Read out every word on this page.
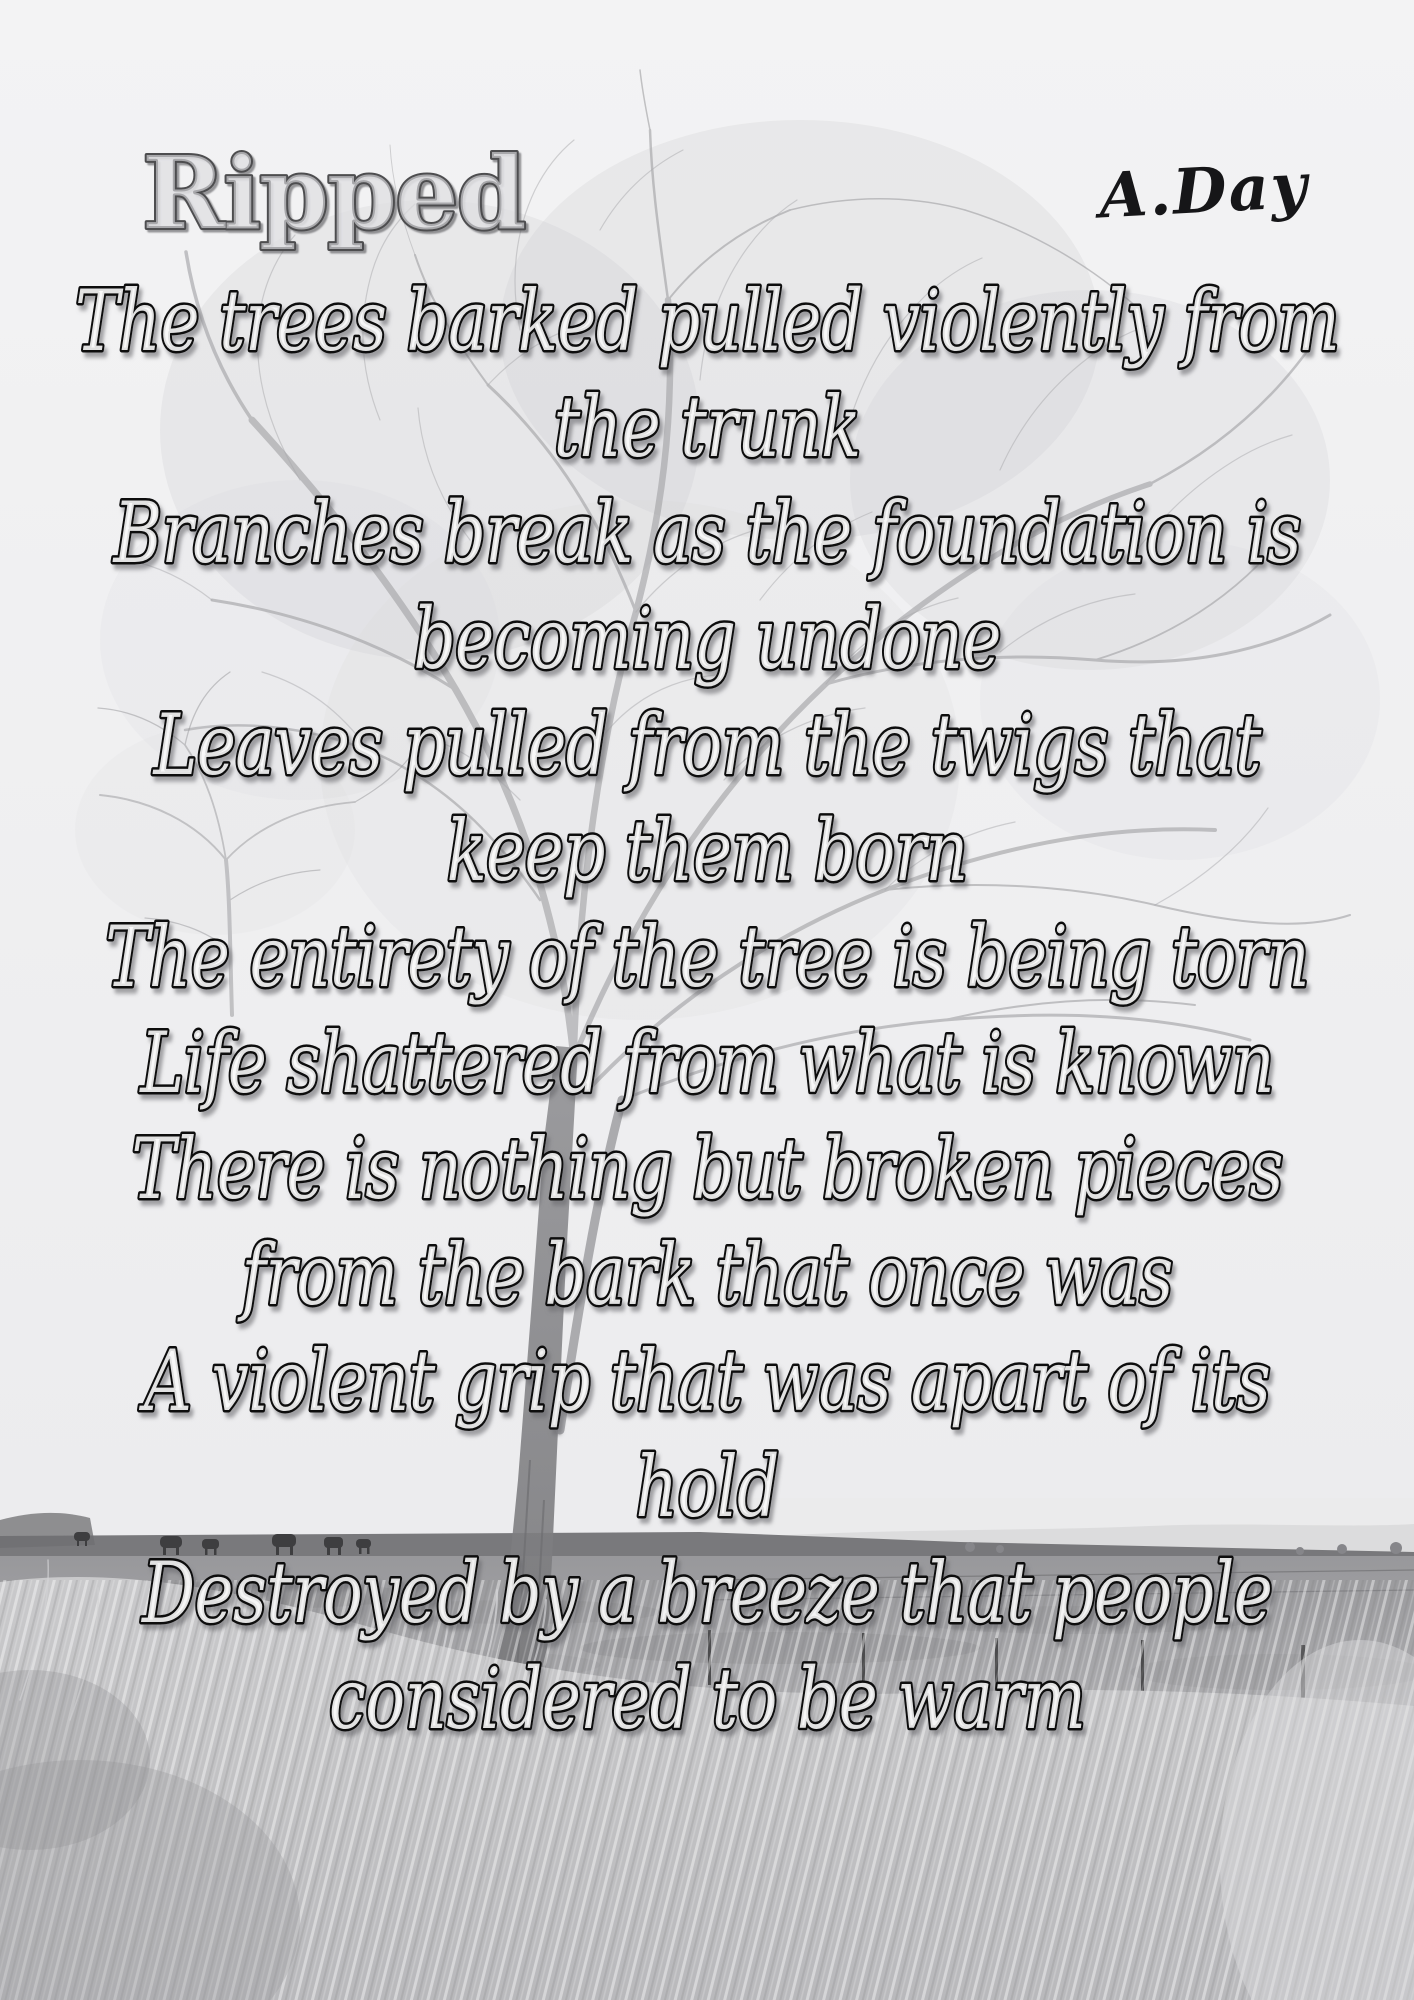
Ripped	A.Day
The trees barked pulled violently from
the trunk
Branches break as the foundation is
becoming undone
Leaves pulled from the twigs that
keep them born
The entirety of the tree is being torn
Life shattered from what is known
There is nothing but broken pieces
from the bark that once was
A violent grip that was apart of its
hold
Destroyed by a breeze that people
considered to be warm
